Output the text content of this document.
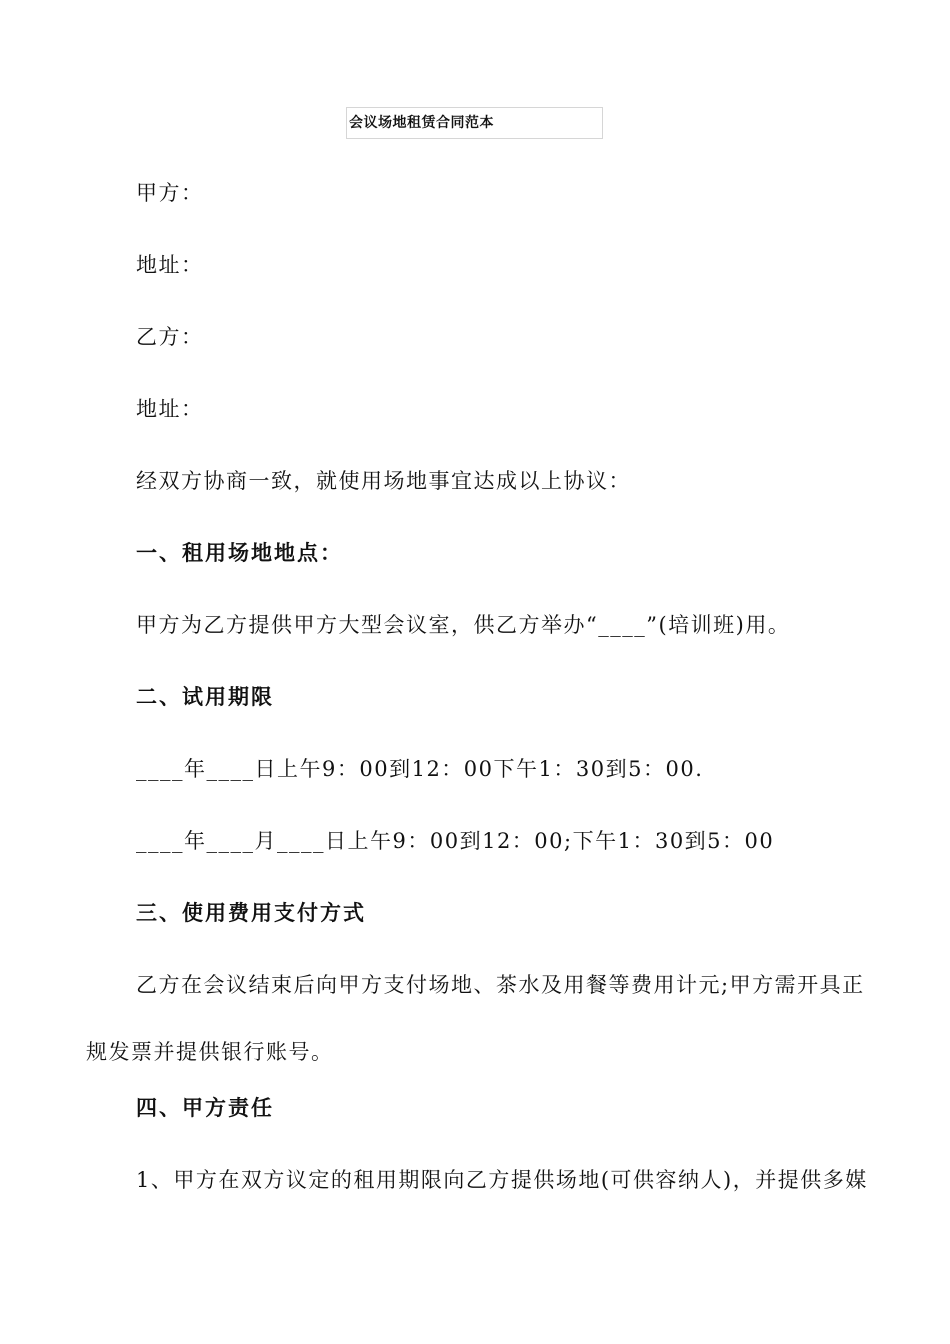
会议场地租赁合同范本
甲方：
地址：
乙方：
地址：
经双方协商一致，就使用场地事宜达成以上协议：
一、租用场地地点：
甲方为乙方提供甲方大型会议室，供乙方举办“____”(培训班)用。
二、试用期限
____年____日上午9：00到12：00下午1：30到5：00.
____年____月____日上午9：00到12：00;下午1：30到5：00
三、使用费用支付方式
乙方在会议结束后向甲方支付场地、茶水及用餐等费用计元;甲方需开具正
规发票并提供银行账号。
四、甲方责任
1、甲方在双方议定的租用期限向乙方提供场地(可供容纳人)，并提供多媒
